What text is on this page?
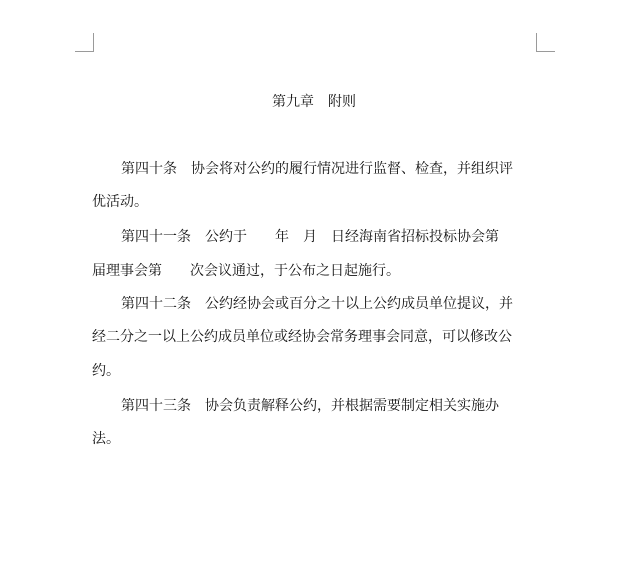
第九章　附则
第四十条　协会将对公约的履行情况进行监督、检查，并组织评
优活动。
第四十一条　公约于　　年　月　日经海南省招标投标协会第
届理事会第　　次会议通过，于公布之日起施行。
第四十二条　公约经协会或百分之十以上公约成员单位提议，并
经二分之一以上公约成员单位或经协会常务理事会同意，可以修改公
约。
第四十三条　协会负责解释公约，并根据需要制定相关实施办
法。
